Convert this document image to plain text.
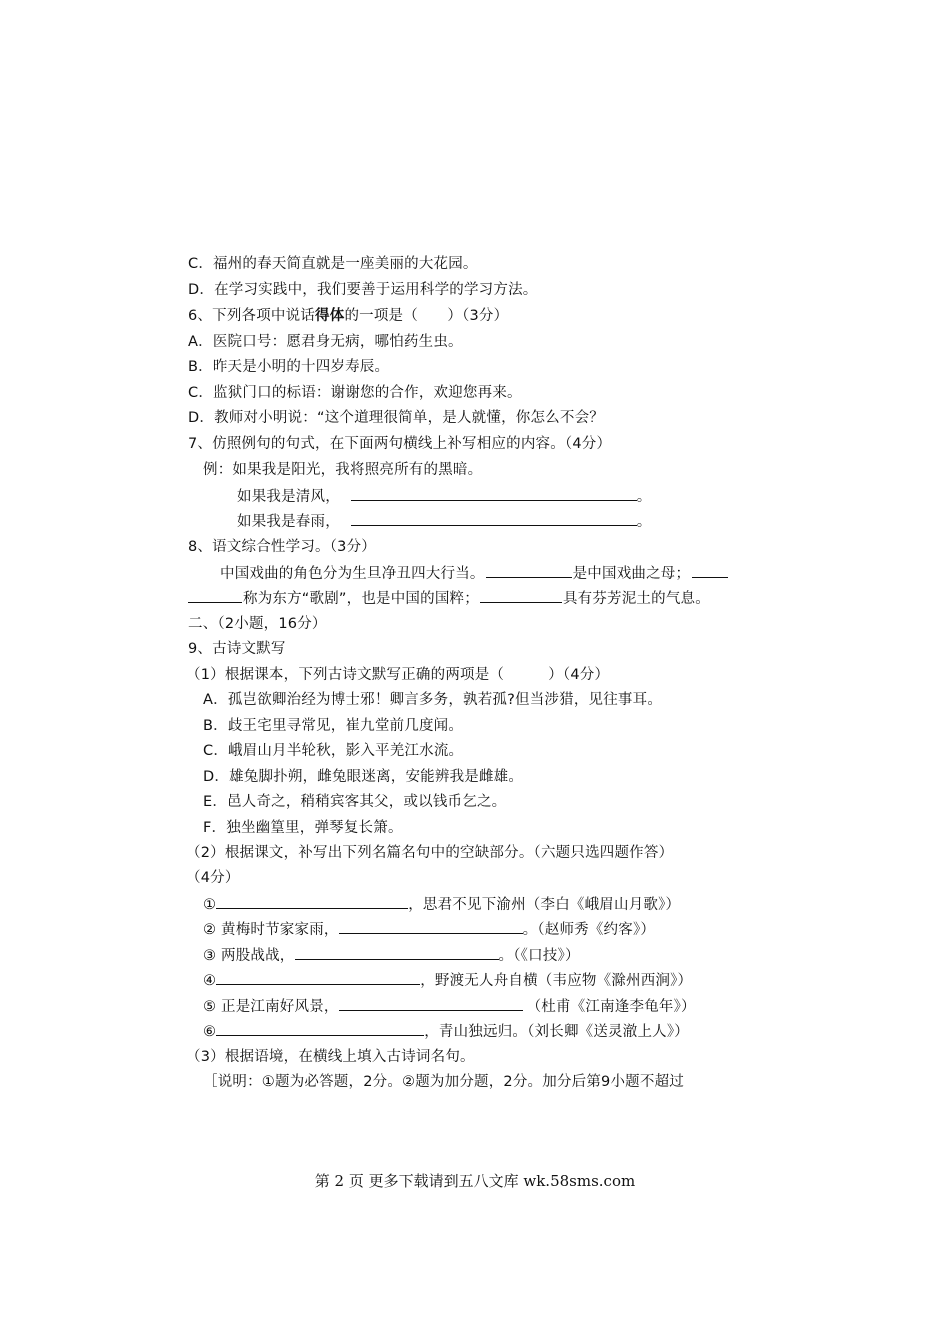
C．福州的春天简直就是一座美丽的大花园。
D．在学习实践中，我们要善于运用科学的学习方法。
6、下列各项中说话得体的一项是（　　）（3分）
A．医院口号：愿君身无病，哪怕药生虫。
B．昨天是小明的十四岁寿辰。
C．监狱门口的标语：谢谢您的合作，欢迎您再来。
D．教师对小明说：“这个道理很简单，是人就懂，你怎么不会？
7、仿照例句的句式，在下面两句横线上补写相应的内容。（4分）
例：如果我是阳光，我将照亮所有的黑暗。
如果我是清风，	。
如果我是春雨，	。
8、语文综合性学习。（3分）
中国戏曲的角色分为生旦净丑四大行当。	是中国戏曲之母；
称为东方“歌剧”，也是中国的国粹；	具有芬芳泥土的气息。
二、（2小题，16分）
9、古诗文默写
（1）根据课本，下列古诗文默写正确的两项是（　　　）（4分）
A．孤岂欲卿治经为博士邪！卿言多务，孰若孤?但当涉猎，见往事耳。
B．歧王宅里寻常见，崔九堂前几度闻。
C．峨眉山月半轮秋，影入平羌江水流。
D．雄兔脚扑朔，雌兔眼迷离，安能辨我是雌雄。
E．邑人奇之，稍稍宾客其父，或以钱币乞之。
F．独坐幽篁里，弹琴复长箫。
（2）根据课文，补写出下列名篇名句中的空缺部分。（六题只选四题作答）
（4分）
①	，思君不见下渝州（李白《峨眉山月歌》）
② 黄梅时节家家雨，	。（赵师秀《约客》）
③ 两股战战，	。（《口技》）
④	，野渡无人舟自横（韦应物《滁州西涧》）
⑤ 正是江南好风景，	（杜甫《江南逢李龟年》）
⑥	，青山独远归。（刘长卿《送灵澈上人》）
（3）根据语境，在横线上填入古诗词名句。
［说明：①题为必答题，2分。②题为加分题，2分。加分后第9小题不超过
第 2 页 更多下载请到五八文库 wk.58sms.com
